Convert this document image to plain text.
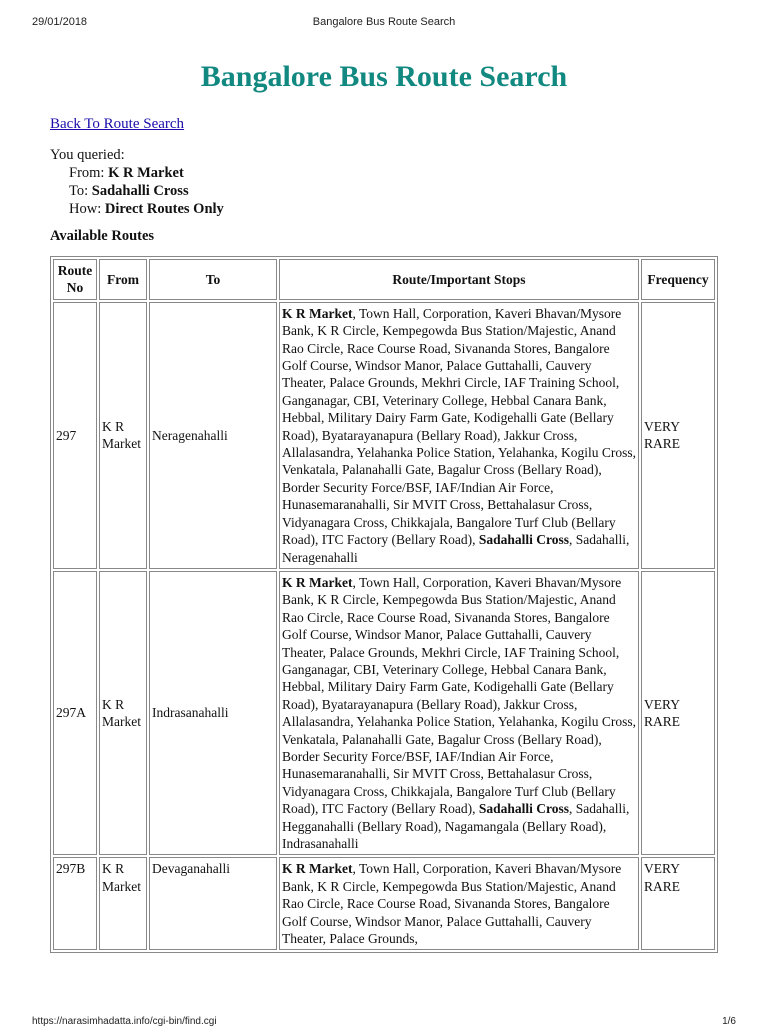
29/01/2018	Bangalore Bus Route Search
Bangalore Bus Route Search
Back To Route Search
You queried:
From: K R Market
To: Sadahalli Cross
How: Direct Routes Only
Available Routes
Route No	From	To	Route/Important Stops	Frequency
297	K R Market	Neragenahalli	K R Market, Town Hall, Corporation, Kaveri Bhavan/Mysore Bank, K R Circle, Kempegowda Bus Station/Majestic, Anand Rao Circle, Race Course Road, Sivananda Stores, Bangalore Golf Course, Windsor Manor, Palace Guttahalli, Cauvery Theater, Palace Grounds, Mekhri Circle, IAF Training School, Ganganagar, CBI, Veterinary College, Hebbal Canara Bank, Hebbal, Military Dairy Farm Gate, Kodigehalli Gate (Bellary Road), Byatarayanapura (Bellary Road), Jakkur Cross, Allalasandra, Yelahanka Police Station, Yelahanka, Kogilu Cross, Venkatala, Palanahalli Gate, Bagalur Cross (Bellary Road), Border Security Force/BSF, IAF/Indian Air Force, Hunasemaranahalli, Sir MVIT Cross, Bettahalasur Cross, Vidyanagara Cross, Chikkajala, Bangalore Turf Club (Bellary Road), ITC Factory (Bellary Road), Sadahalli Cross, Sadahalli, Neragenahalli	VERY RARE
297A	K R Market	Indrasanahalli	K R Market, Town Hall, Corporation, Kaveri Bhavan/Mysore Bank, K R Circle, Kempegowda Bus Station/Majestic, Anand Rao Circle, Race Course Road, Sivananda Stores, Bangalore Golf Course, Windsor Manor, Palace Guttahalli, Cauvery Theater, Palace Grounds, Mekhri Circle, IAF Training School, Ganganagar, CBI, Veterinary College, Hebbal Canara Bank, Hebbal, Military Dairy Farm Gate, Kodigehalli Gate (Bellary Road), Byatarayanapura (Bellary Road), Jakkur Cross, Allalasandra, Yelahanka Police Station, Yelahanka, Kogilu Cross, Venkatala, Palanahalli Gate, Bagalur Cross (Bellary Road), Border Security Force/BSF, IAF/Indian Air Force, Hunasemaranahalli, Sir MVIT Cross, Bettahalasur Cross, Vidyanagara Cross, Chikkajala, Bangalore Turf Club (Bellary Road), ITC Factory (Bellary Road), Sadahalli Cross, Sadahalli, Hegganahalli (Bellary Road), Nagamangala (Bellary Road), Indrasanahalli	VERY RARE
297B	K R Market	Devaganahalli	K R Market, Town Hall, Corporation, Kaveri Bhavan/Mysore Bank, K R Circle, Kempegowda Bus Station/Majestic, Anand Rao Circle, Race Course Road, Sivananda Stores, Bangalore Golf Course, Windsor Manor, Palace Guttahalli, Cauvery Theater, Palace Grounds,	VERY RARE
https://narasimhadatta.info/cgi-bin/find.cgi	1/6
